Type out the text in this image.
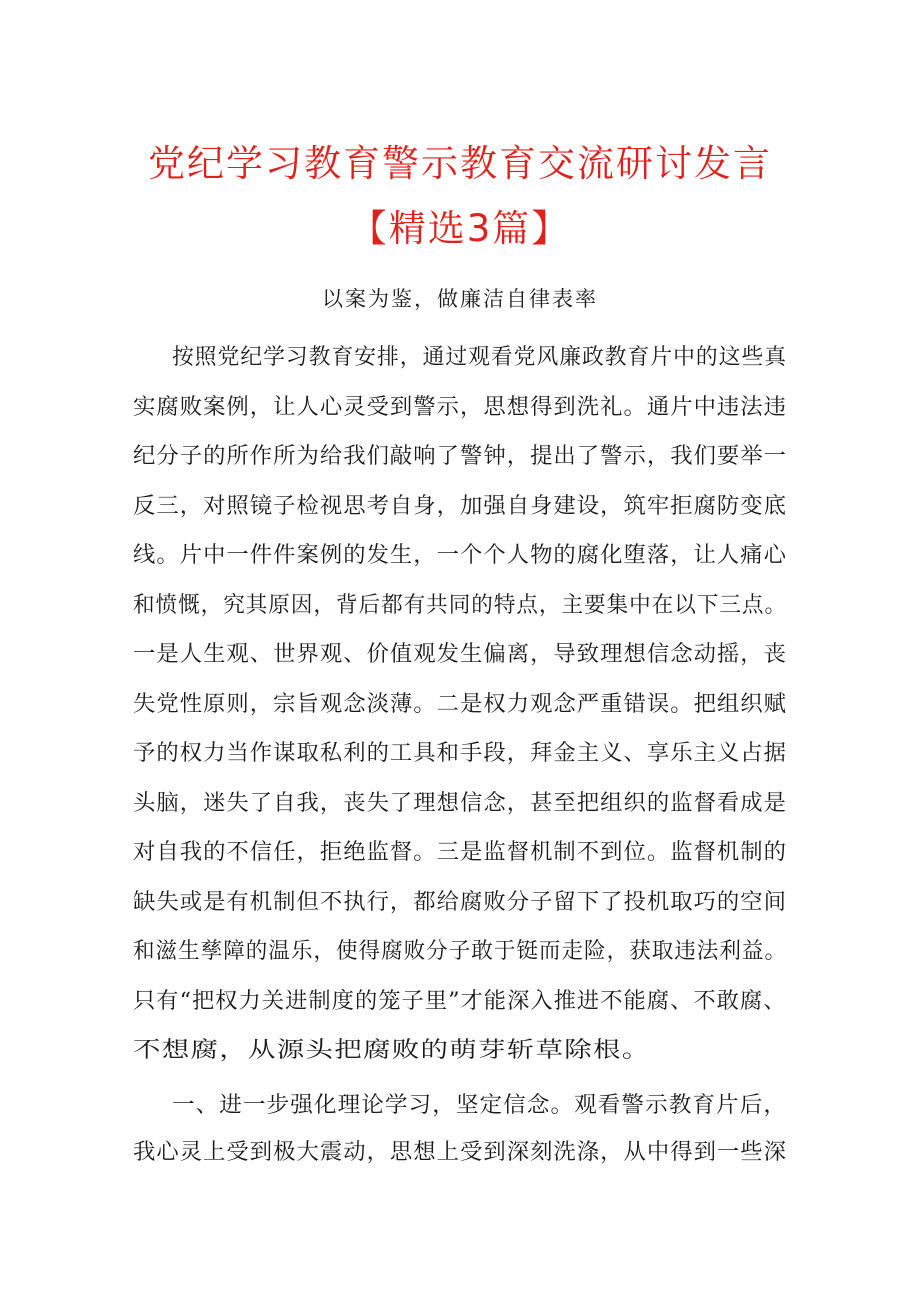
党纪学习教育警示教育交流研讨发言
【精选3篇】
以案为鉴，做廉洁自律表率
按照党纪学习教育安排，通过观看党风廉政教育片中的这些真
实腐败案例，让人心灵受到警示，思想得到洗礼。通片中违法违
纪分子的所作所为给我们敲响了警钟，提出了警示，我们要举一
反三，对照镜子检视思考自身，加强自身建设，筑牢拒腐防变底
线。片中一件件案例的发生，一个个人物的腐化堕落，让人痛心
和愤慨，究其原因，背后都有共同的特点，主要集中在以下三点。
一是人生观、世界观、价值观发生偏离，导致理想信念动摇，丧
失党性原则，宗旨观念淡薄。二是权力观念严重错误。把组织赋
予的权力当作谋取私利的工具和手段，拜金主义、享乐主义占据
头脑，迷失了自我，丧失了理想信念，甚至把组织的监督看成是
对自我的不信任，拒绝监督。三是监督机制不到位。监督机制的
缺失或是有机制但不执行，都给腐败分子留下了投机取巧的空间
和滋生孳障的温乐，使得腐败分子敢于铤而走险，获取违法利益。
只有“把权力关进制度的笼子里”才能深入推进不能腐、不敢腐、
不想腐，从源头把腐败的萌芽斩草除根。
一、进一步强化理论学习，坚定信念。观看警示教育片后，
我心灵上受到极大震动，思想上受到深刻洗涤，从中得到一些深
